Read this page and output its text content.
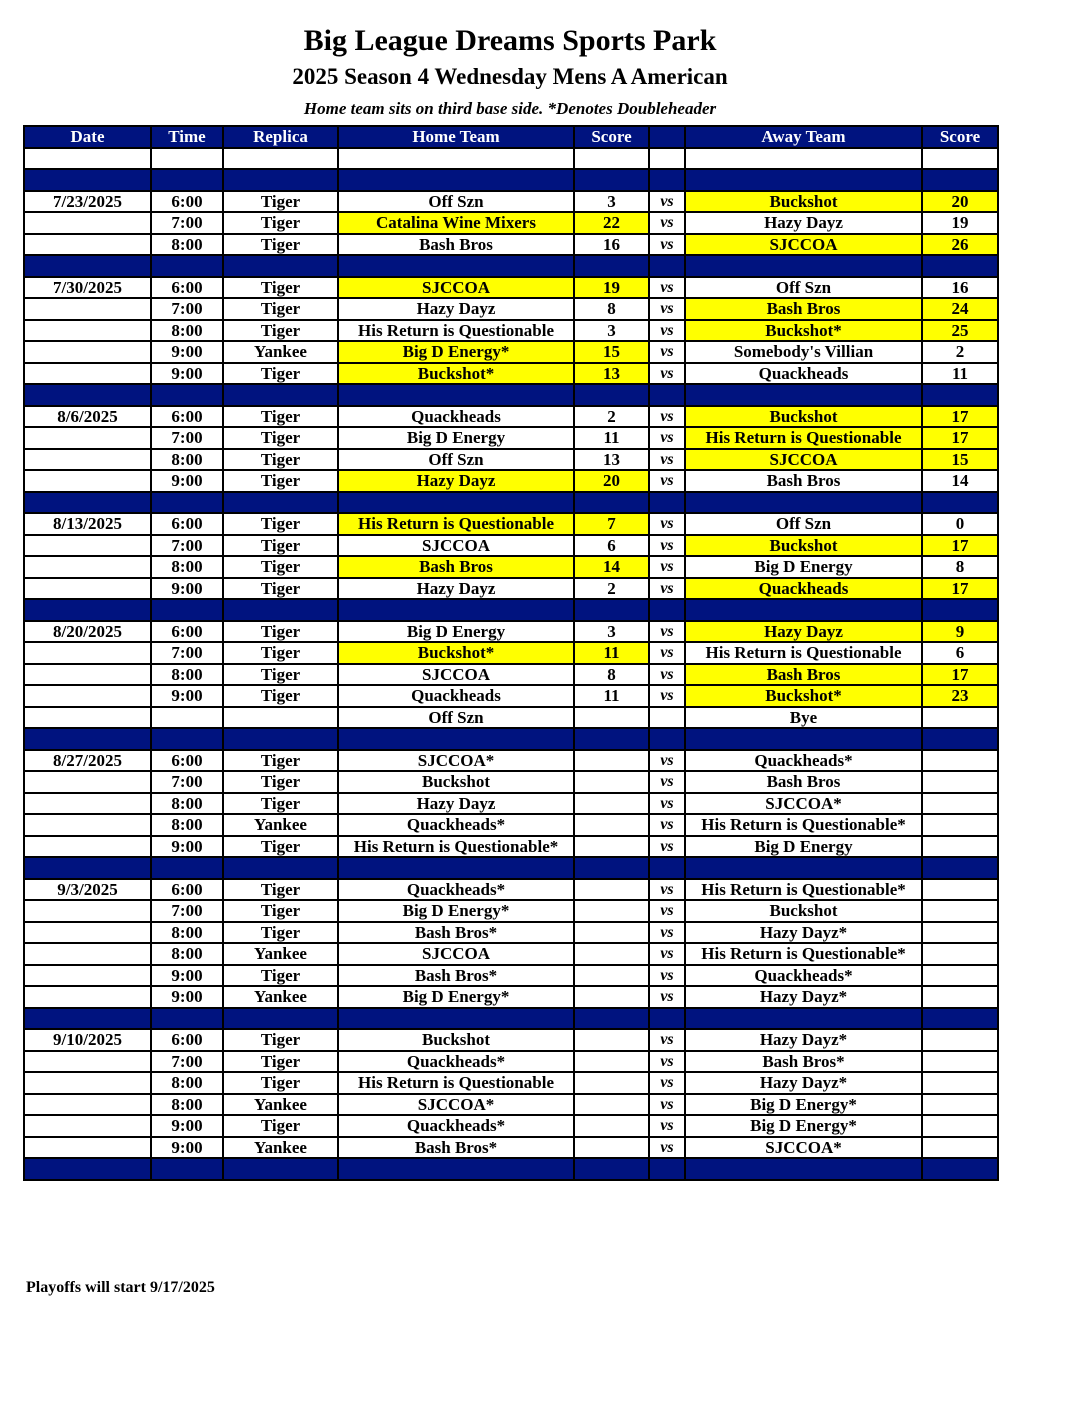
Big League Dreams Sports Park
2025 Season 4 Wednesday Mens A American
Home team sits on third base side. *Denotes Doubleheader
Date	Time	Replica	Home Team	Score		Away Team	Score

7/23/2025	6:00	Tiger	Off Szn	3	vs	Buckshot	20
	7:00	Tiger	Catalina Wine Mixers	22	vs	Hazy Dayz	19
	8:00	Tiger	Bash Bros	16	vs	SJCCOA	26

7/30/2025	6:00	Tiger	SJCCOA	19	vs	Off Szn	16
	7:00	Tiger	Hazy Dayz	8	vs	Bash Bros	24
	8:00	Tiger	His Return is Questionable	3	vs	Buckshot*	25
	9:00	Yankee	Big D Energy*	15	vs	Somebody's Villian	2
	9:00	Tiger	Buckshot*	13	vs	Quackheads	11

8/6/2025	6:00	Tiger	Quackheads	2	vs	Buckshot	17
	7:00	Tiger	Big D Energy	11	vs	His Return is Questionable	17
	8:00	Tiger	Off Szn	13	vs	SJCCOA	15
	9:00	Tiger	Hazy Dayz	20	vs	Bash Bros	14

8/13/2025	6:00	Tiger	His Return is Questionable	7	vs	Off Szn	0
	7:00	Tiger	SJCCOA	6	vs	Buckshot	17
	8:00	Tiger	Bash Bros	14	vs	Big D Energy	8
	9:00	Tiger	Hazy Dayz	2	vs	Quackheads	17

8/20/2025	6:00	Tiger	Big D Energy	3	vs	Hazy Dayz	9
	7:00	Tiger	Buckshot*	11	vs	His Return is Questionable	6
	8:00	Tiger	SJCCOA	8	vs	Bash Bros	17
	9:00	Tiger	Quackheads	11	vs	Buckshot*	23
			Off Szn			Bye	

8/27/2025	6:00	Tiger	SJCCOA*		vs	Quackheads*	
	7:00	Tiger	Buckshot		vs	Bash Bros	
	8:00	Tiger	Hazy Dayz		vs	SJCCOA*	
	8:00	Yankee	Quackheads*		vs	His Return is Questionable*	
	9:00	Tiger	His Return is Questionable*		vs	Big D Energy	

9/3/2025	6:00	Tiger	Quackheads*		vs	His Return is Questionable*	
	7:00	Tiger	Big D Energy*		vs	Buckshot	
	8:00	Tiger	Bash Bros*		vs	Hazy Dayz*	
	8:00	Yankee	SJCCOA		vs	His Return is Questionable*	
	9:00	Tiger	Bash Bros*		vs	Quackheads*	
	9:00	Yankee	Big D Energy*		vs	Hazy Dayz*	

9/10/2025	6:00	Tiger	Buckshot		vs	Hazy Dayz*	
	7:00	Tiger	Quackheads*		vs	Bash Bros*	
	8:00	Tiger	His Return is Questionable		vs	Hazy Dayz*	
	8:00	Yankee	SJCCOA*		vs	Big D Energy*	
	9:00	Tiger	Quackheads*		vs	Big D Energy*	
	9:00	Yankee	Bash Bros*		vs	SJCCOA*	

Playoffs will start 9/17/2025
